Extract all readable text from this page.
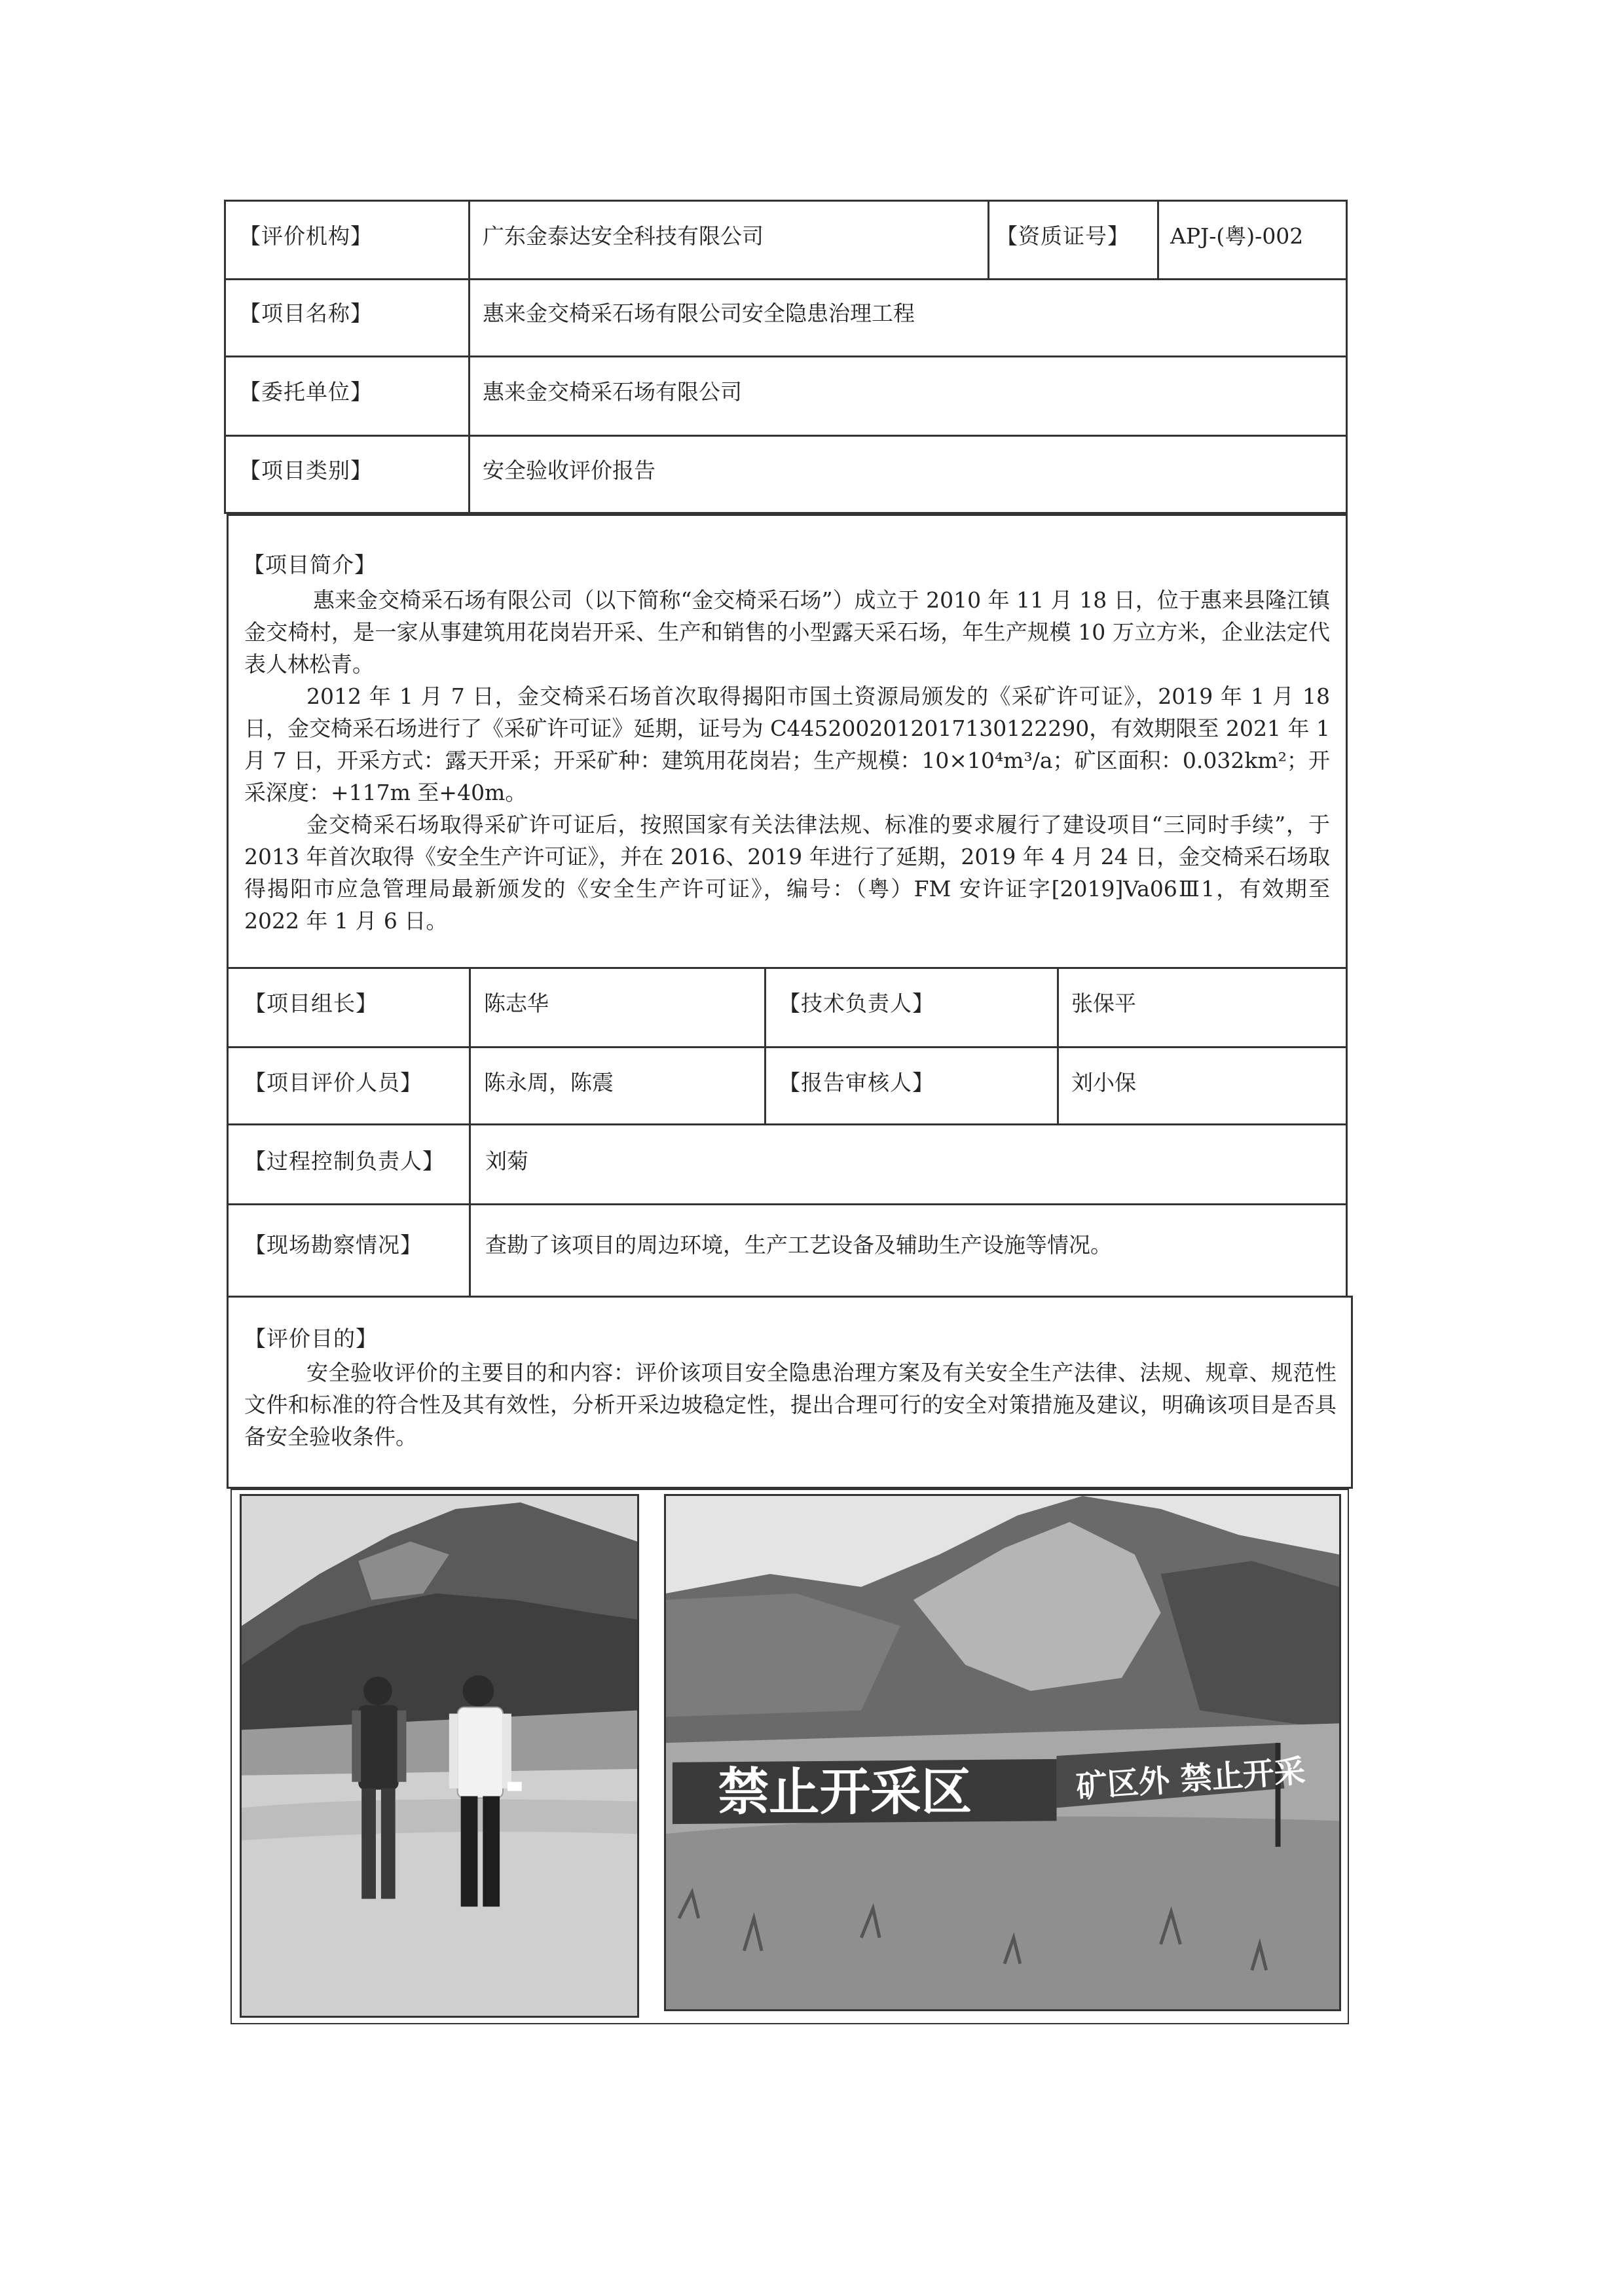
【评价机构】	广东金泰达安全科技有限公司	【资质证号】 APJ-(粤)-002
【项目名称】	惠来金交椅采石场有限公司安全隐患治理工程
【委托单位】	惠来金交椅采石场有限公司
【项目类别】	安全验收评价报告
【项目简介】

惠来金交椅采石场有限公司（以下简称“金交椅采石场”）成立于 2010 年 11 月 18 日，位于惠来县隆江镇金交椅村，是一家从事建筑用花岗岩开采、生产和销售的小型露天采石场，年生产规模 10 万立方米，企业法定代表人林松青。

2012 年 1 月 7 日，金交椅采石场首次取得揭阳市国土资源局颁发的《采矿许可证》，2019 年 1 月 18 日，金交椅采石场进行了《采矿许可证》延期，证号为 C4452002012017130122290，有效期限至 2021 年 1 月 7 日，开采方式：露天开采；开采矿种：建筑用花岗岩；生产规模：10×10⁴m³/a；矿区面积：0.032km²；开采深度：+117m 至+40m。

金交椅采石场取得采矿许可证后，按照国家有关法律法规、标准的要求履行了建设项目“三同时手续”，于 2013 年首次取得《安全生产许可证》，并在 2016、2019 年进行了延期，2019 年 4 月 24 日，金交椅采石场取得揭阳市应急管理局最新颁发的《安全生产许可证》，编号：（粤）FM 安许证字[2019]Va06Ⅲ1，有效期至 2022 年 1 月 6 日。

【项目组长】	陈志华	【技术负责人】	张保平
【项目评价人员】	陈永周，陈震	【报告审核人】	刘小保
【过程控制负责人】 刘菊
【现场勘察情况】	查勘了该项目的周边环境，生产工艺设备及辅助生产设施等情况。
【评价目的】
安全验收评价的主要目的和内容：评价该项目安全隐患治理方案及有关安全生产法律、法规、规章、规范性文件和标准的符合性及其有效性，分析开采边坡稳定性，提出合理可行的安全对策措施及建议，明确该项目是否具备安全验收条件。
禁止开采区	矿区外 禁止开采
